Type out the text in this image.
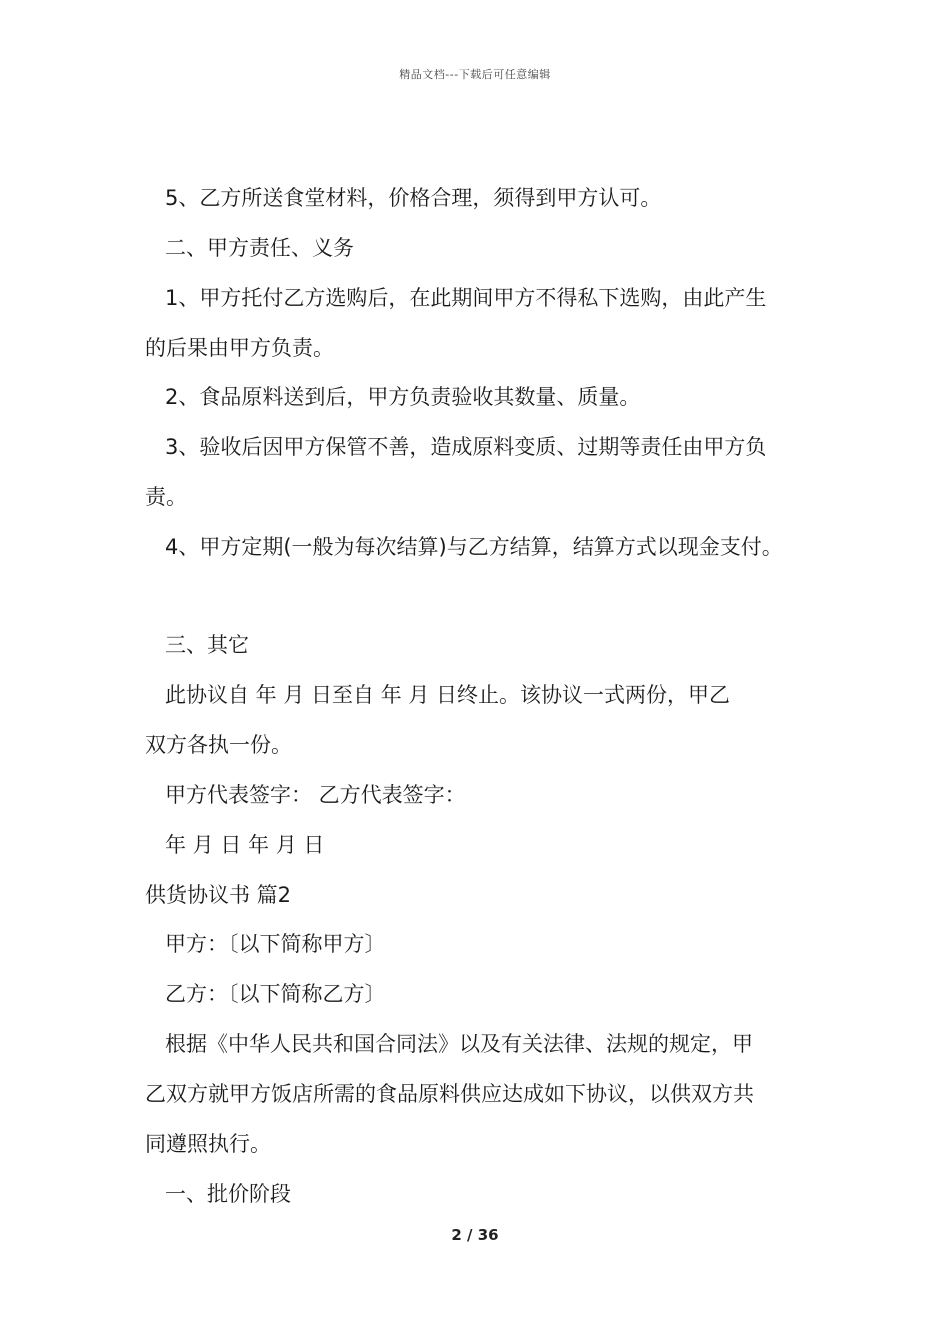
精品文档---下载后可任意编辑
5、乙方所送食堂材料，价格合理，须得到甲方认可。
二、甲方责任、义务
1、甲方托付乙方选购后，在此期间甲方不得私下选购，由此产生
的后果由甲方负责。
2、食品原料送到后，甲方负责验收其数量、质量。
3、验收后因甲方保管不善，造成原料变质、过期等责任由甲方负
责。
4、甲方定期(一般为每次结算)与乙方结算，结算方式以现金支付。
三、其它
此协议自 年 月 日至自 年 月 日终止。该协议一式两份，甲乙
双方各执一份。
甲方代表签字： 乙方代表签字：
年 月 日 年 月 日
供货协议书 篇2
甲方：〔以下简称甲方〕
乙方：〔以下简称乙方〕
根据《中华人民共和国合同法》以及有关法律、法规的规定，甲
乙双方就甲方饭店所需的食品原料供应达成如下协议，以供双方共
同遵照执行。
一、批价阶段
2 / 36
